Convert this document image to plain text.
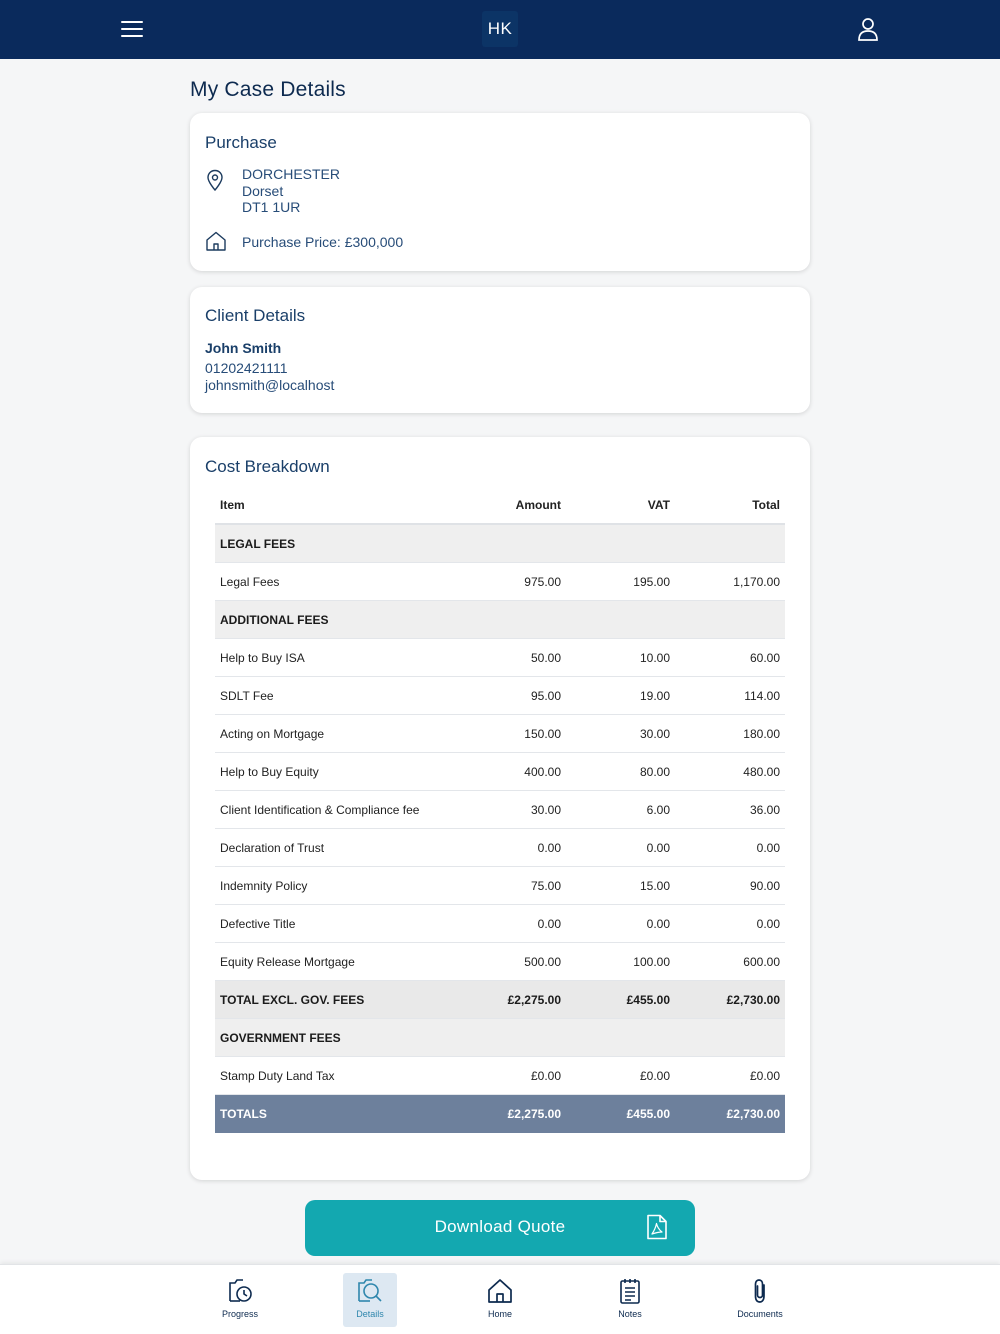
HK
My Case Details
Purchase
DORCHESTER
Dorset
DT1 1UR
Purchase Price: £300,000
Client Details
John Smith
01202421111
johnsmith@localhost
Cost Breakdown
Item	Amount	VAT	Total
LEGAL FEES
Legal Fees	975.00	195.00	1,170.00
ADDITIONAL FEES
Help to Buy ISA	50.00	10.00	60.00
SDLT Fee	95.00	19.00	114.00
Acting on Mortgage	150.00	30.00	180.00
Help to Buy Equity	400.00	80.00	480.00
Client Identification & Compliance fee	30.00	6.00	36.00
Declaration of Trust	0.00	0.00	0.00
Indemnity Policy	75.00	15.00	90.00
Defective Title	0.00	0.00	0.00
Equity Release Mortgage	500.00	100.00	600.00
TOTAL EXCL. GOV. FEES	£2,275.00	£455.00	£2,730.00
GOVERNMENT FEES
Stamp Duty Land Tax	£0.00	£0.00	£0.00
TOTALS	£2,275.00	£455.00	£2,730.00
Download Quote
Progress	Details	Home	Notes	Documents
